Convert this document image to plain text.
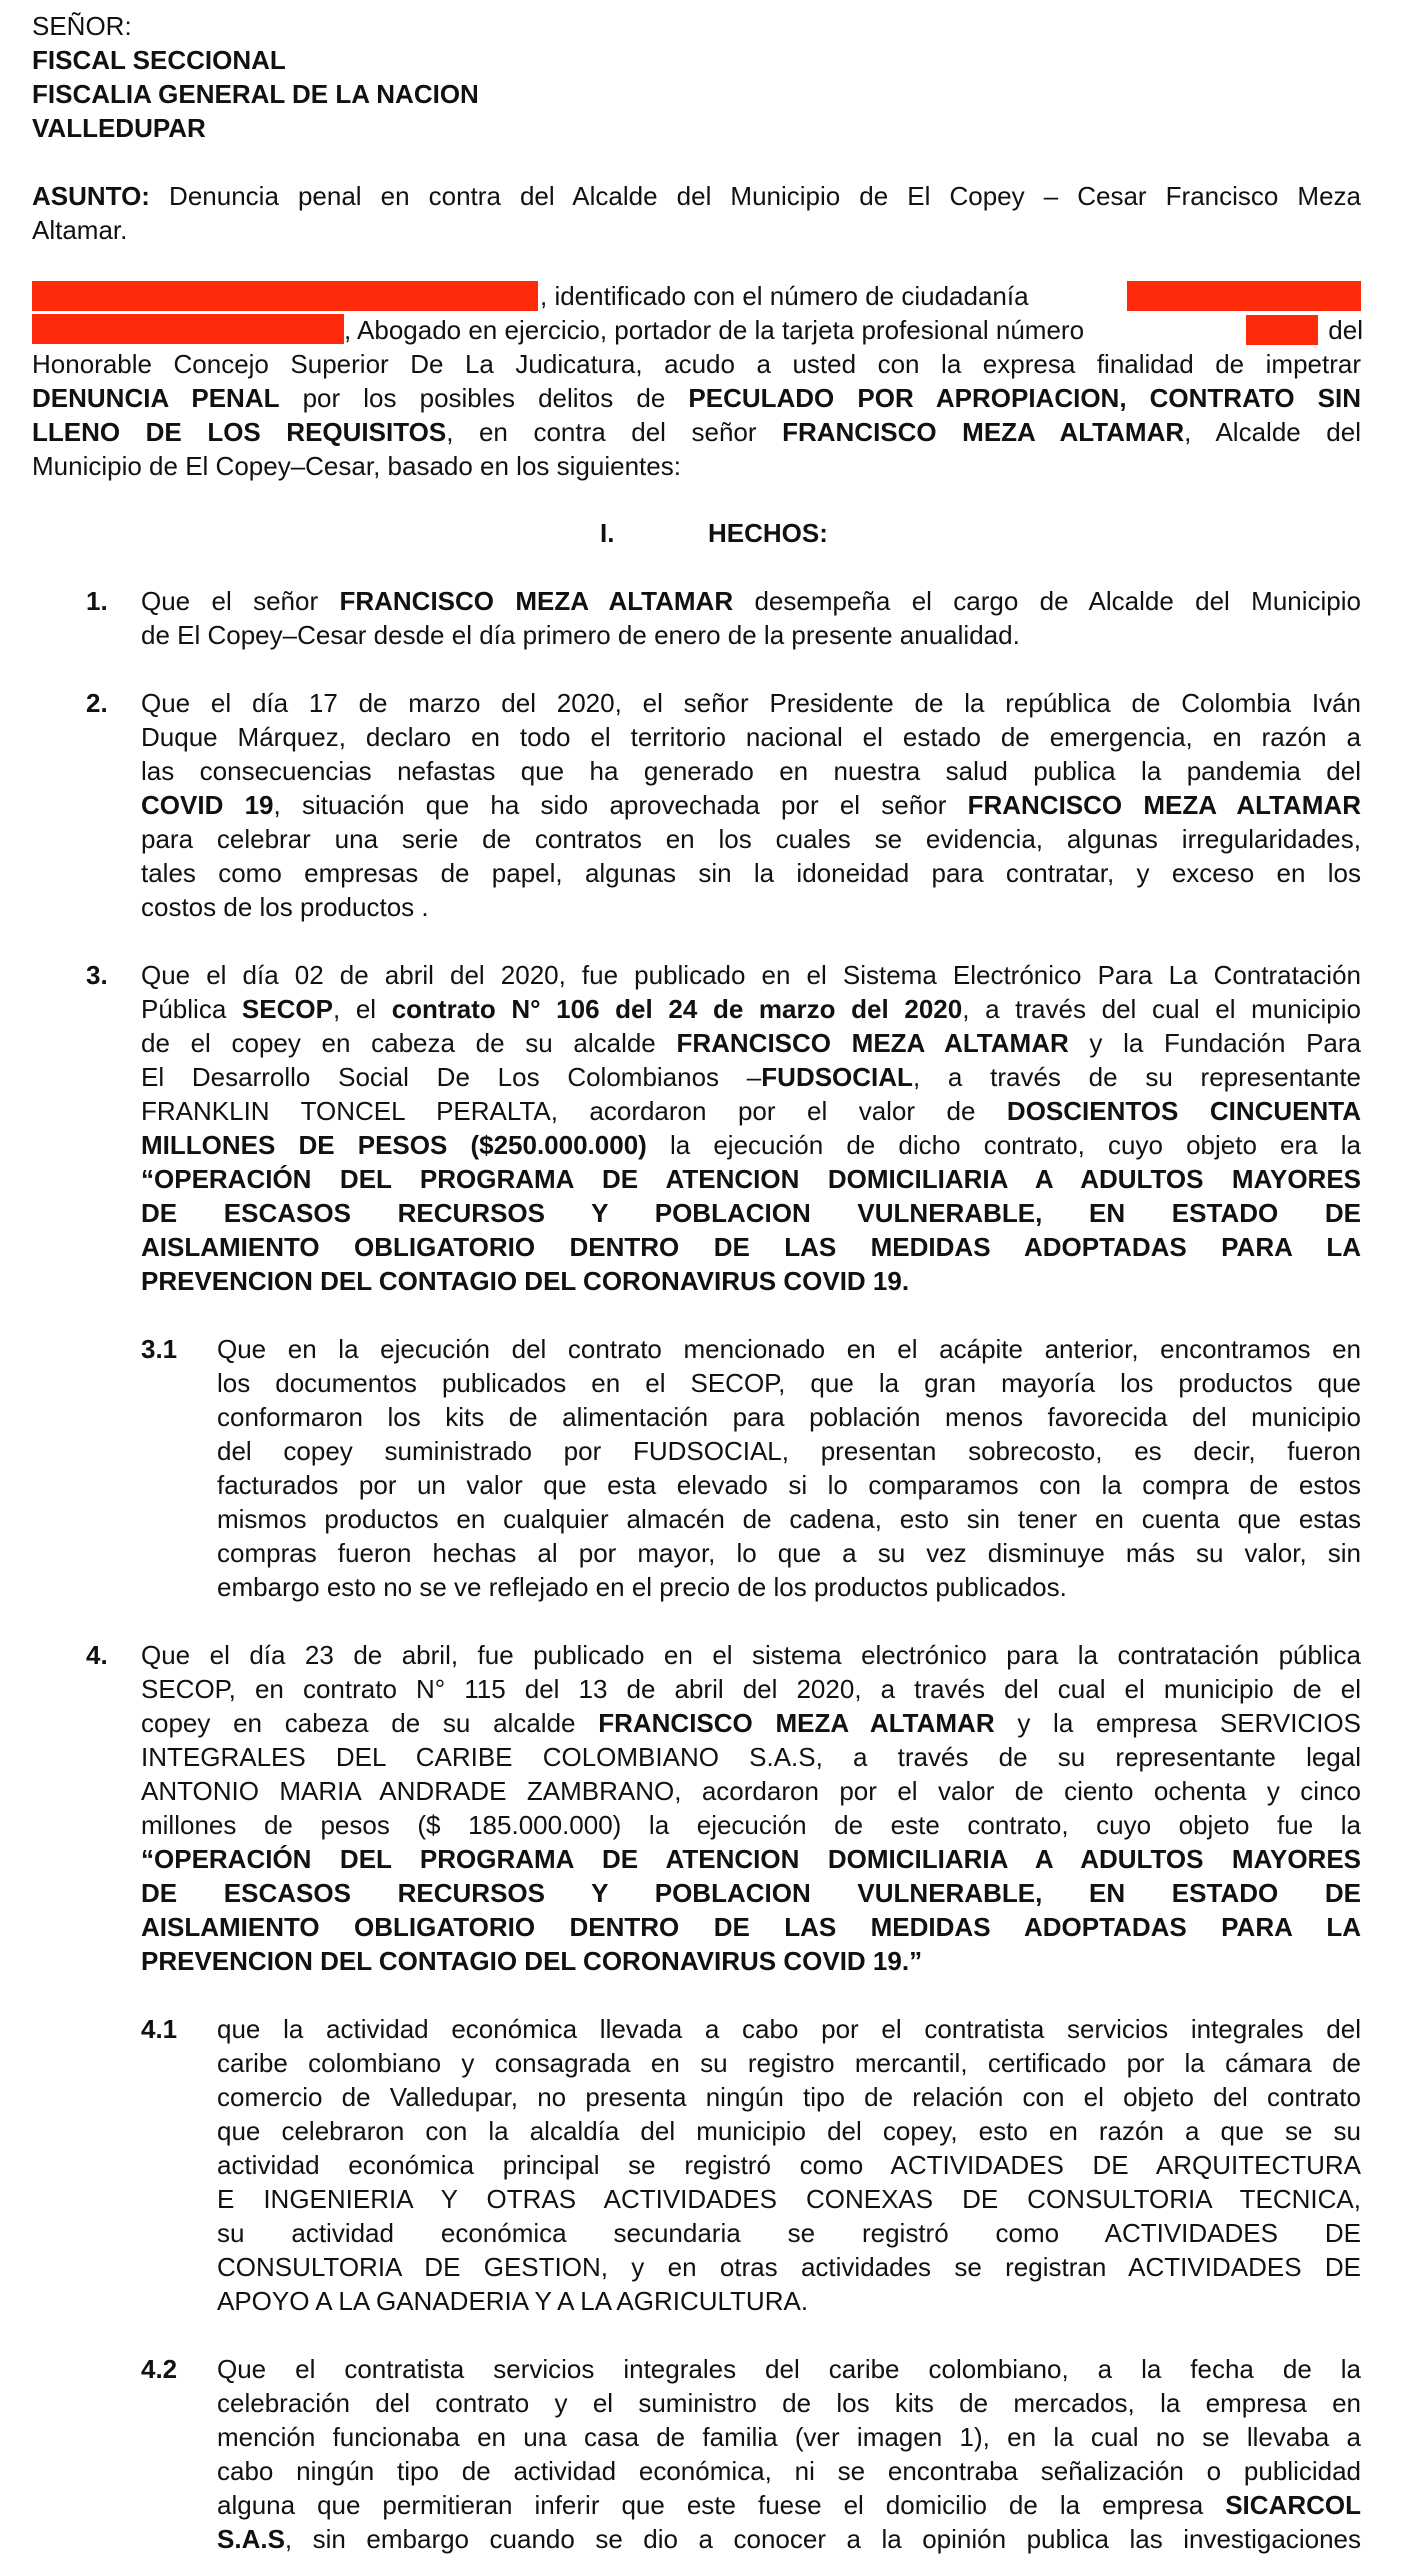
SEÑOR:
FISCAL SECCIONAL
FISCALIA GENERAL DE LA NACION
VALLEDUPAR
ASUNTO: Denuncia penal en contra del Alcalde del Municipio de El Copey – Cesar Francisco Meza
Altamar.
, identificado con el número de ciudadanía
, Abogado en ejercicio, portador de la tarjeta profesional número	del
Honorable Concejo Superior De La Judicatura, acudo a usted con la expresa finalidad de impetrar
DENUNCIA PENAL por los posibles delitos de PECULADO POR APROPIACION, CONTRATO SIN
LLENO DE LOS REQUISITOS, en contra del señor FRANCISCO MEZA ALTAMAR, Alcalde del
Municipio de El Copey–Cesar, basado en los siguientes:
I.	HECHOS:
1. Que el señor FRANCISCO MEZA ALTAMAR desempeña el cargo de Alcalde del Municipio
de El Copey–Cesar desde el día primero de enero de la presente anualidad.
2. Que el día 17 de marzo del 2020, el señor Presidente de la república de Colombia Iván
Duque Márquez, declaro en todo el territorio nacional el estado de emergencia, en razón a
las consecuencias nefastas que ha generado en nuestra salud publica la pandemia del
COVID 19, situación que ha sido aprovechada por el señor FRANCISCO MEZA ALTAMAR
para celebrar una serie de contratos en los cuales se evidencia, algunas irregularidades,
tales como empresas de papel, algunas sin la idoneidad para contratar, y exceso en los
costos de los productos .
3. Que el día 02 de abril del 2020, fue publicado en el Sistema Electrónico Para La Contratación
Pública SECOP, el contrato N° 106 del 24 de marzo del 2020, a través del cual el municipio
de el copey en cabeza de su alcalde FRANCISCO MEZA ALTAMAR y la Fundación Para
El Desarrollo Social De Los Colombianos –FUDSOCIAL, a través de su representante
FRANKLIN TONCEL PERALTA, acordaron por el valor de DOSCIENTOS CINCUENTA
MILLONES DE PESOS ($250.000.000) la ejecución de dicho contrato, cuyo objeto era la
“OPERACIÓN DEL PROGRAMA DE ATENCION DOMICILIARIA A ADULTOS MAYORES
DE ESCASOS RECURSOS Y POBLACION VULNERABLE, EN ESTADO DE
AISLAMIENTO OBLIGATORIO DENTRO DE LAS MEDIDAS ADOPTADAS PARA LA
PREVENCION DEL CONTAGIO DEL CORONAVIRUS COVID 19.
3.1 Que en la ejecución del contrato mencionado en el acápite anterior, encontramos en
los documentos publicados en el SECOP, que la gran mayoría los productos que
conformaron los kits de alimentación para población menos favorecida del municipio
del copey suministrado por FUDSOCIAL, presentan sobrecosto, es decir, fueron
facturados por un valor que esta elevado si lo comparamos con la compra de estos
mismos productos en cualquier almacén de cadena, esto sin tener en cuenta que estas
compras fueron hechas al por mayor, lo que a su vez disminuye más su valor, sin
embargo esto no se ve reflejado en el precio de los productos publicados.
4. Que el día 23 de abril, fue publicado en el sistema electrónico para la contratación pública
SECOP, en contrato N° 115 del 13 de abril del 2020, a través del cual el municipio de el
copey en cabeza de su alcalde FRANCISCO MEZA ALTAMAR y la empresa SERVICIOS
INTEGRALES DEL CARIBE COLOMBIANO S.A.S, a través de su representante legal
ANTONIO MARIA ANDRADE ZAMBRANO, acordaron por el valor de ciento ochenta y cinco
millones de pesos ($ 185.000.000) la ejecución de este contrato, cuyo objeto fue la
“OPERACIÓN DEL PROGRAMA DE ATENCION DOMICILIARIA A ADULTOS MAYORES
DE ESCASOS RECURSOS Y POBLACION VULNERABLE, EN ESTADO DE
AISLAMIENTO OBLIGATORIO DENTRO DE LAS MEDIDAS ADOPTADAS PARA LA
PREVENCION DEL CONTAGIO DEL CORONAVIRUS COVID 19.”
4.1 que la actividad económica llevada a cabo por el contratista servicios integrales del
caribe colombiano y consagrada en su registro mercantil, certificado por la cámara de
comercio de Valledupar, no presenta ningún tipo de relación con el objeto del contrato
que celebraron con la alcaldía del municipio del copey, esto en razón a que se su
actividad económica principal se registró como ACTIVIDADES DE ARQUITECTURA
E INGENIERIA Y OTRAS ACTIVIDADES CONEXAS DE CONSULTORIA TECNICA,
su actividad económica secundaria se registró como ACTIVIDADES DE
CONSULTORIA DE GESTION, y en otras actividades se registran ACTIVIDADES DE
APOYO A LA GANADERIA Y A LA AGRICULTURA.
4.2 Que el contratista servicios integrales del caribe colombiano, a la fecha de la
celebración del contrato y el suministro de los kits de mercados, la empresa en
mención funcionaba en una casa de familia (ver imagen 1), en la cual no se llevaba a
cabo ningún tipo de actividad económica, ni se encontraba señalización o publicidad
alguna que permitieran inferir que este fuese el domicilio de la empresa SICARCOL
S.A.S, sin embargo cuando se dio a conocer a la opinión publica las investigaciones
